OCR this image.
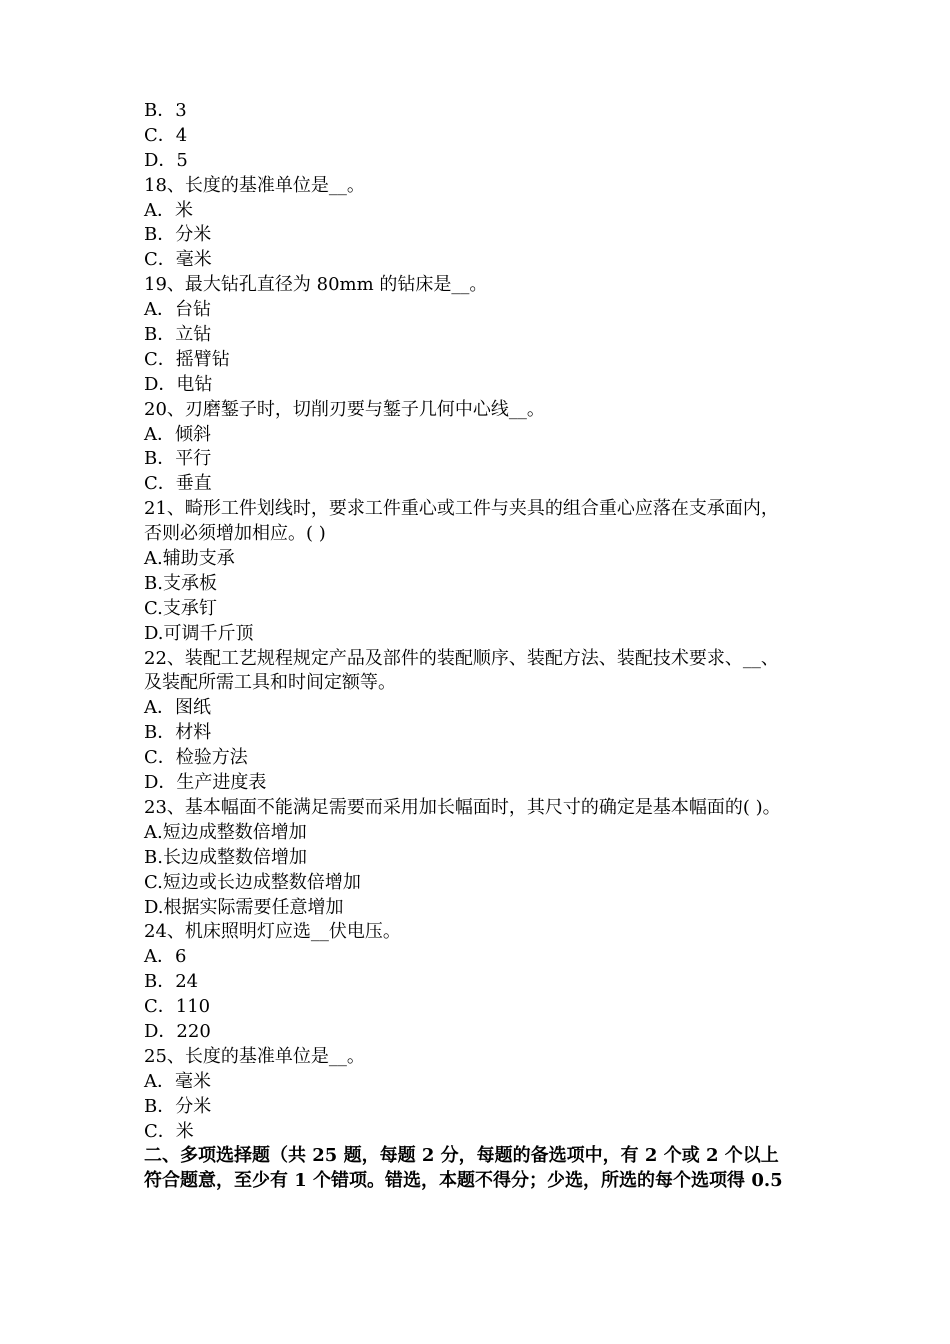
B．3
C．4
D．5
18、长度的基准单位是__。
A．米
B．分米
C．毫米
19、最大钻孔直径为 80mm 的钻床是__。
A．台钻
B．立钻
C．摇臂钻
D．电钻
20、刃磨錾子时，切削刃要与錾子几何中心线__。
A．倾斜
B．平行
C．垂直
21、畸形工件划线时，要求工件重心或工件与夹具的组合重心应落在支承面内，
否则必须增加相应。( )
A.辅助支承
B.支承板
C.支承钉
D.可调千斤顶
22、装配工艺规程规定产品及部件的装配顺序、装配方法、装配技术要求、__、
及装配所需工具和时间定额等。
A．图纸
B．材料
C．检验方法
D．生产进度表
23、基本幅面不能满足需要而采用加长幅面时，其尺寸的确定是基本幅面的( )。
A.短边成整数倍增加
B.长边成整数倍增加
C.短边或长边成整数倍增加
D.根据实际需要任意增加
24、机床照明灯应选__伏电压。
A．6
B．24
C．110
D．220
25、长度的基准单位是__。
A．毫米
B．分米
C．米
二、多项选择题（共 25 题，每题 2 分，每题的备选项中，有 2 个或 2 个以上
符合题意，至少有 1 个错项。错选，本题不得分；少选，所选的每个选项得 0.5
